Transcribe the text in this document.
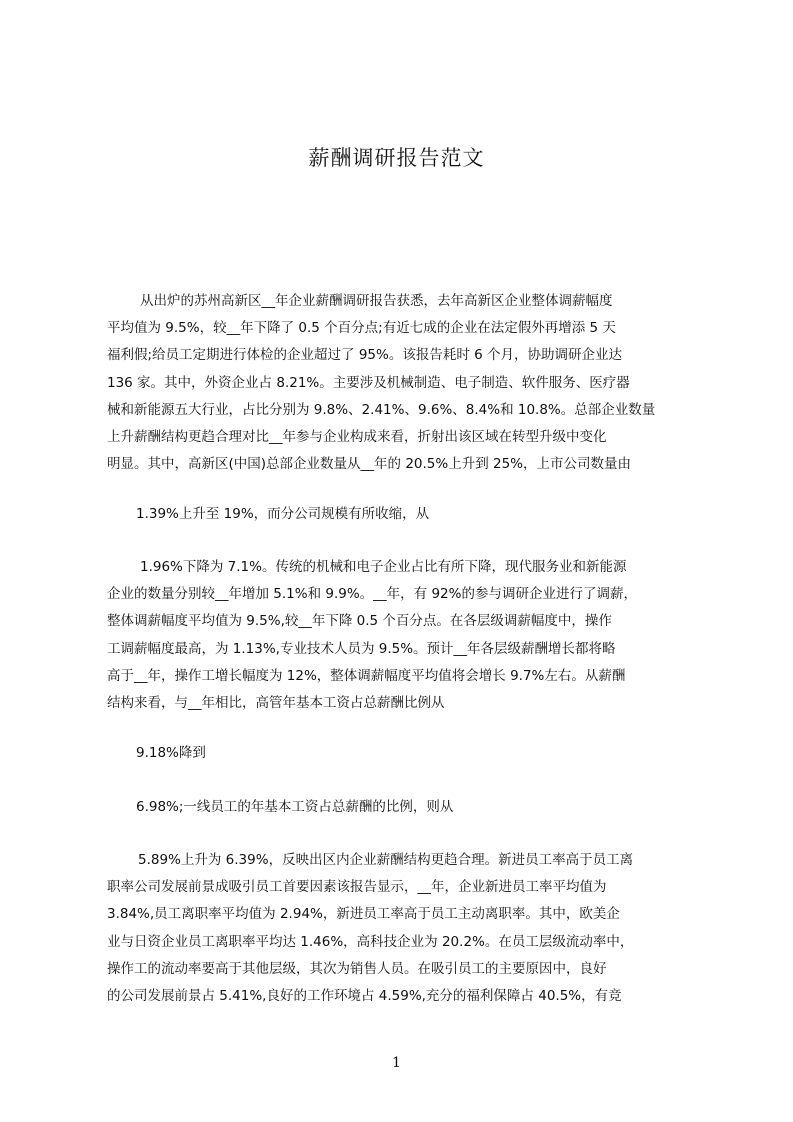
薪酬调研报告范文
从出炉的苏州高新区__年企业薪酬调研报告获悉，去年高新区企业整体调薪幅度
平均值为 9.5%，较__年下降了 0.5 个百分点;有近七成的企业在法定假外再增添 5 天
福利假;给员工定期进行体检的企业超过了 95%。该报告耗时 6 个月，协助调研企业达
136 家。其中，外资企业占 8.21%。主要涉及机械制造、电子制造、软件服务、医疗器
械和新能源五大行业，占比分别为 9.8%、2.41%、9.6%、8.4%和 10.8%。总部企业数量
上升薪酬结构更趋合理对比__年参与企业构成来看，折射出该区域在转型升级中变化
明显。其中，高新区(中国)总部企业数量从__年的 20.5%上升到 25%，上市公司数量由
1.39%上升至 19%，而分公司规模有所收缩，从
1.96%下降为 7.1%。传统的机械和电子企业占比有所下降，现代服务业和新能源
企业的数量分别较__年增加 5.1%和 9.9%。__年，有 92%的参与调研企业进行了调薪，
整体调薪幅度平均值为 9.5%,较__年下降 0.5 个百分点。在各层级调薪幅度中，操作
工调薪幅度最高，为 1.13%,专业技术人员为 9.5%。预计__年各层级薪酬增长都将略
高于__年，操作工增长幅度为 12%，整体调薪幅度平均值将会增长 9.7%左右。从薪酬
结构来看，与__年相比，高管年基本工资占总薪酬比例从
9.18%降到
6.98%;一线员工的年基本工资占总薪酬的比例，则从
5.89%上升为 6.39%，反映出区内企业薪酬结构更趋合理。新进员工率高于员工离
职率公司发展前景成吸引员工首要因素该报告显示，__年，企业新进员工率平均值为
3.84%,员工离职率平均值为 2.94%，新进员工率高于员工主动离职率。其中，欧美企
业与日资企业员工离职率平均达 1.46%，高科技企业为 20.2%。在员工层级流动率中，
操作工的流动率要高于其他层级，其次为销售人员。在吸引员工的主要原因中，良好
的公司发展前景占 5.41%,良好的工作环境占 4.59%,充分的福利保障占 40.5%，有竞
1
